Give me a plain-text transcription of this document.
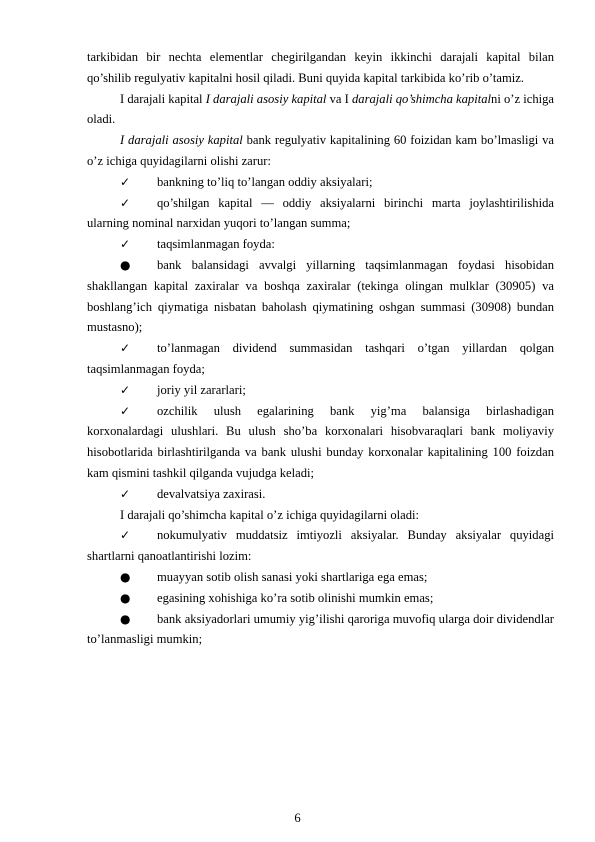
tarkibidan bir nechta elementlar chegirilgandan keyin ikkinchi darajali kapital bilan qo’shilib regulyativ kapitalni hosil qiladi. Buni quyida kapital tarkibida ko’rib o’tamiz.

I darajali kapital I darajali asosiy kapital va I darajali qo’shimcha kapitalni o’z ichiga oladi.

I darajali asosiy kapital bank regulyativ kapitalining 60 foizidan kam bo’lmasligi va o’z ichiga quyidagilarni olishi zarur:

✓	bankning to’liq to’langan oddiy aksiyalari;
✓	qo’shilgan kapital — oddiy aksiyalarni birinchi marta joylashtirilishida ularning nominal narxidan yuqori to’langan summa;
✓	taqsimlanmagan foyda:
●	bank balansidagi avvalgi yillarning taqsimlanmagan foydasi hisobidan shakllangan kapital zaxiralar va boshqa zaxiralar (tekinga olingan mulklar (30905) va boshlang’ich qiymatiga nisbatan baholash qiymatining oshgan summasi (30908) bundan mustasno);
✓	to’lanmagan dividend summasidan tashqari o’tgan yillardan qolgan taqsimlanmagan foyda;
✓	joriy yil zararlari;
✓	ozchilik ulush egalarining bank yig’ma balansiga birlashadigan korxonalardagi ulushlari. Bu ulush sho’ba korxonalari hisobvaraqlari bank moliyaviy hisobotlarida birlashtirilganda va bank ulushi bunday korxonalar kapitalining 100 foizdan kam qismini tashkil qilganda vujudga keladi;
✓	devalvatsiya zaxirasi.

I darajali qo’shimcha kapital o’z ichiga quyidagilarni oladi:

✓	nokumulyativ muddatsiz imtiyozli aksiyalar. Bunday aksiyalar quyidagi shartlarni qanoatlantirishi lozim:
●	muayyan sotib olish sanasi yoki shartlariga ega emas;
●	egasining xohishiga ko’ra sotib olinishi mumkin emas;
●	bank aksiyadorlari umumiy yig’ilishi qaroriga muvofiq ularga doir dividendlar to’lanmasligi mumkin;
6
